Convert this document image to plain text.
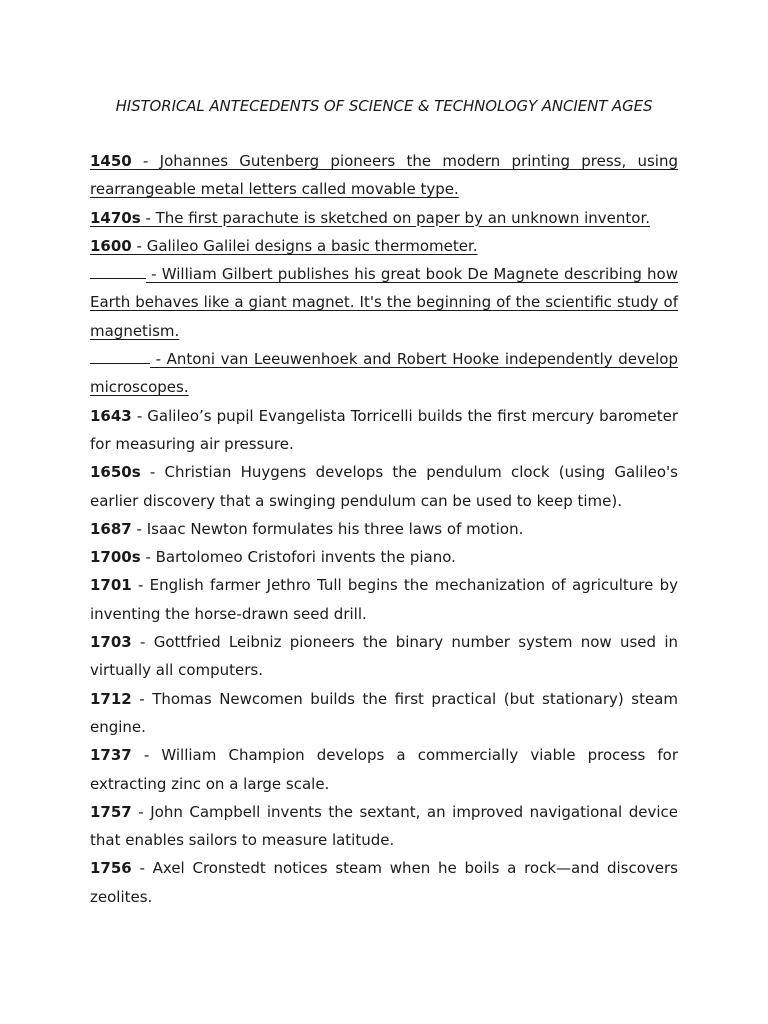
HISTORICAL ANTECEDENTS OF SCIENCE & TECHNOLOGY ANCIENT AGES
1450 - Johannes Gutenberg pioneers the modern printing press, using rearrangeable metal letters called movable type.
1470s - The first parachute is sketched on paper by an unknown inventor.
1600 - Galileo Galilei designs a basic thermometer.
- William Gilbert publishes his great book De Magnete describing how Earth behaves like a giant magnet. It's the beginning of the scientific study of magnetism.
- Antoni van Leeuwenhoek and Robert Hooke independently develop microscopes.
1643 - Galileo’s pupil Evangelista Torricelli builds the first mercury barometer for measuring air pressure.
1650s - Christian Huygens develops the pendulum clock (using Galileo's earlier discovery that a swinging pendulum can be used to keep time).
1687 - Isaac Newton formulates his three laws of motion.
1700s - Bartolomeo Cristofori invents the piano.
1701 - English farmer Jethro Tull begins the mechanization of agriculture by inventing the horse-drawn seed drill.
1703 - Gottfried Leibniz pioneers the binary number system now used in virtually all computers.
1712 - Thomas Newcomen builds the first practical (but stationary) steam engine.
1737 - William Champion develops a commercially viable process for extracting zinc on a large scale.
1757 - John Campbell invents the sextant, an improved navigational device that enables sailors to measure latitude.
1756 - Axel Cronstedt notices steam when he boils a rock—and discovers zeolites.
